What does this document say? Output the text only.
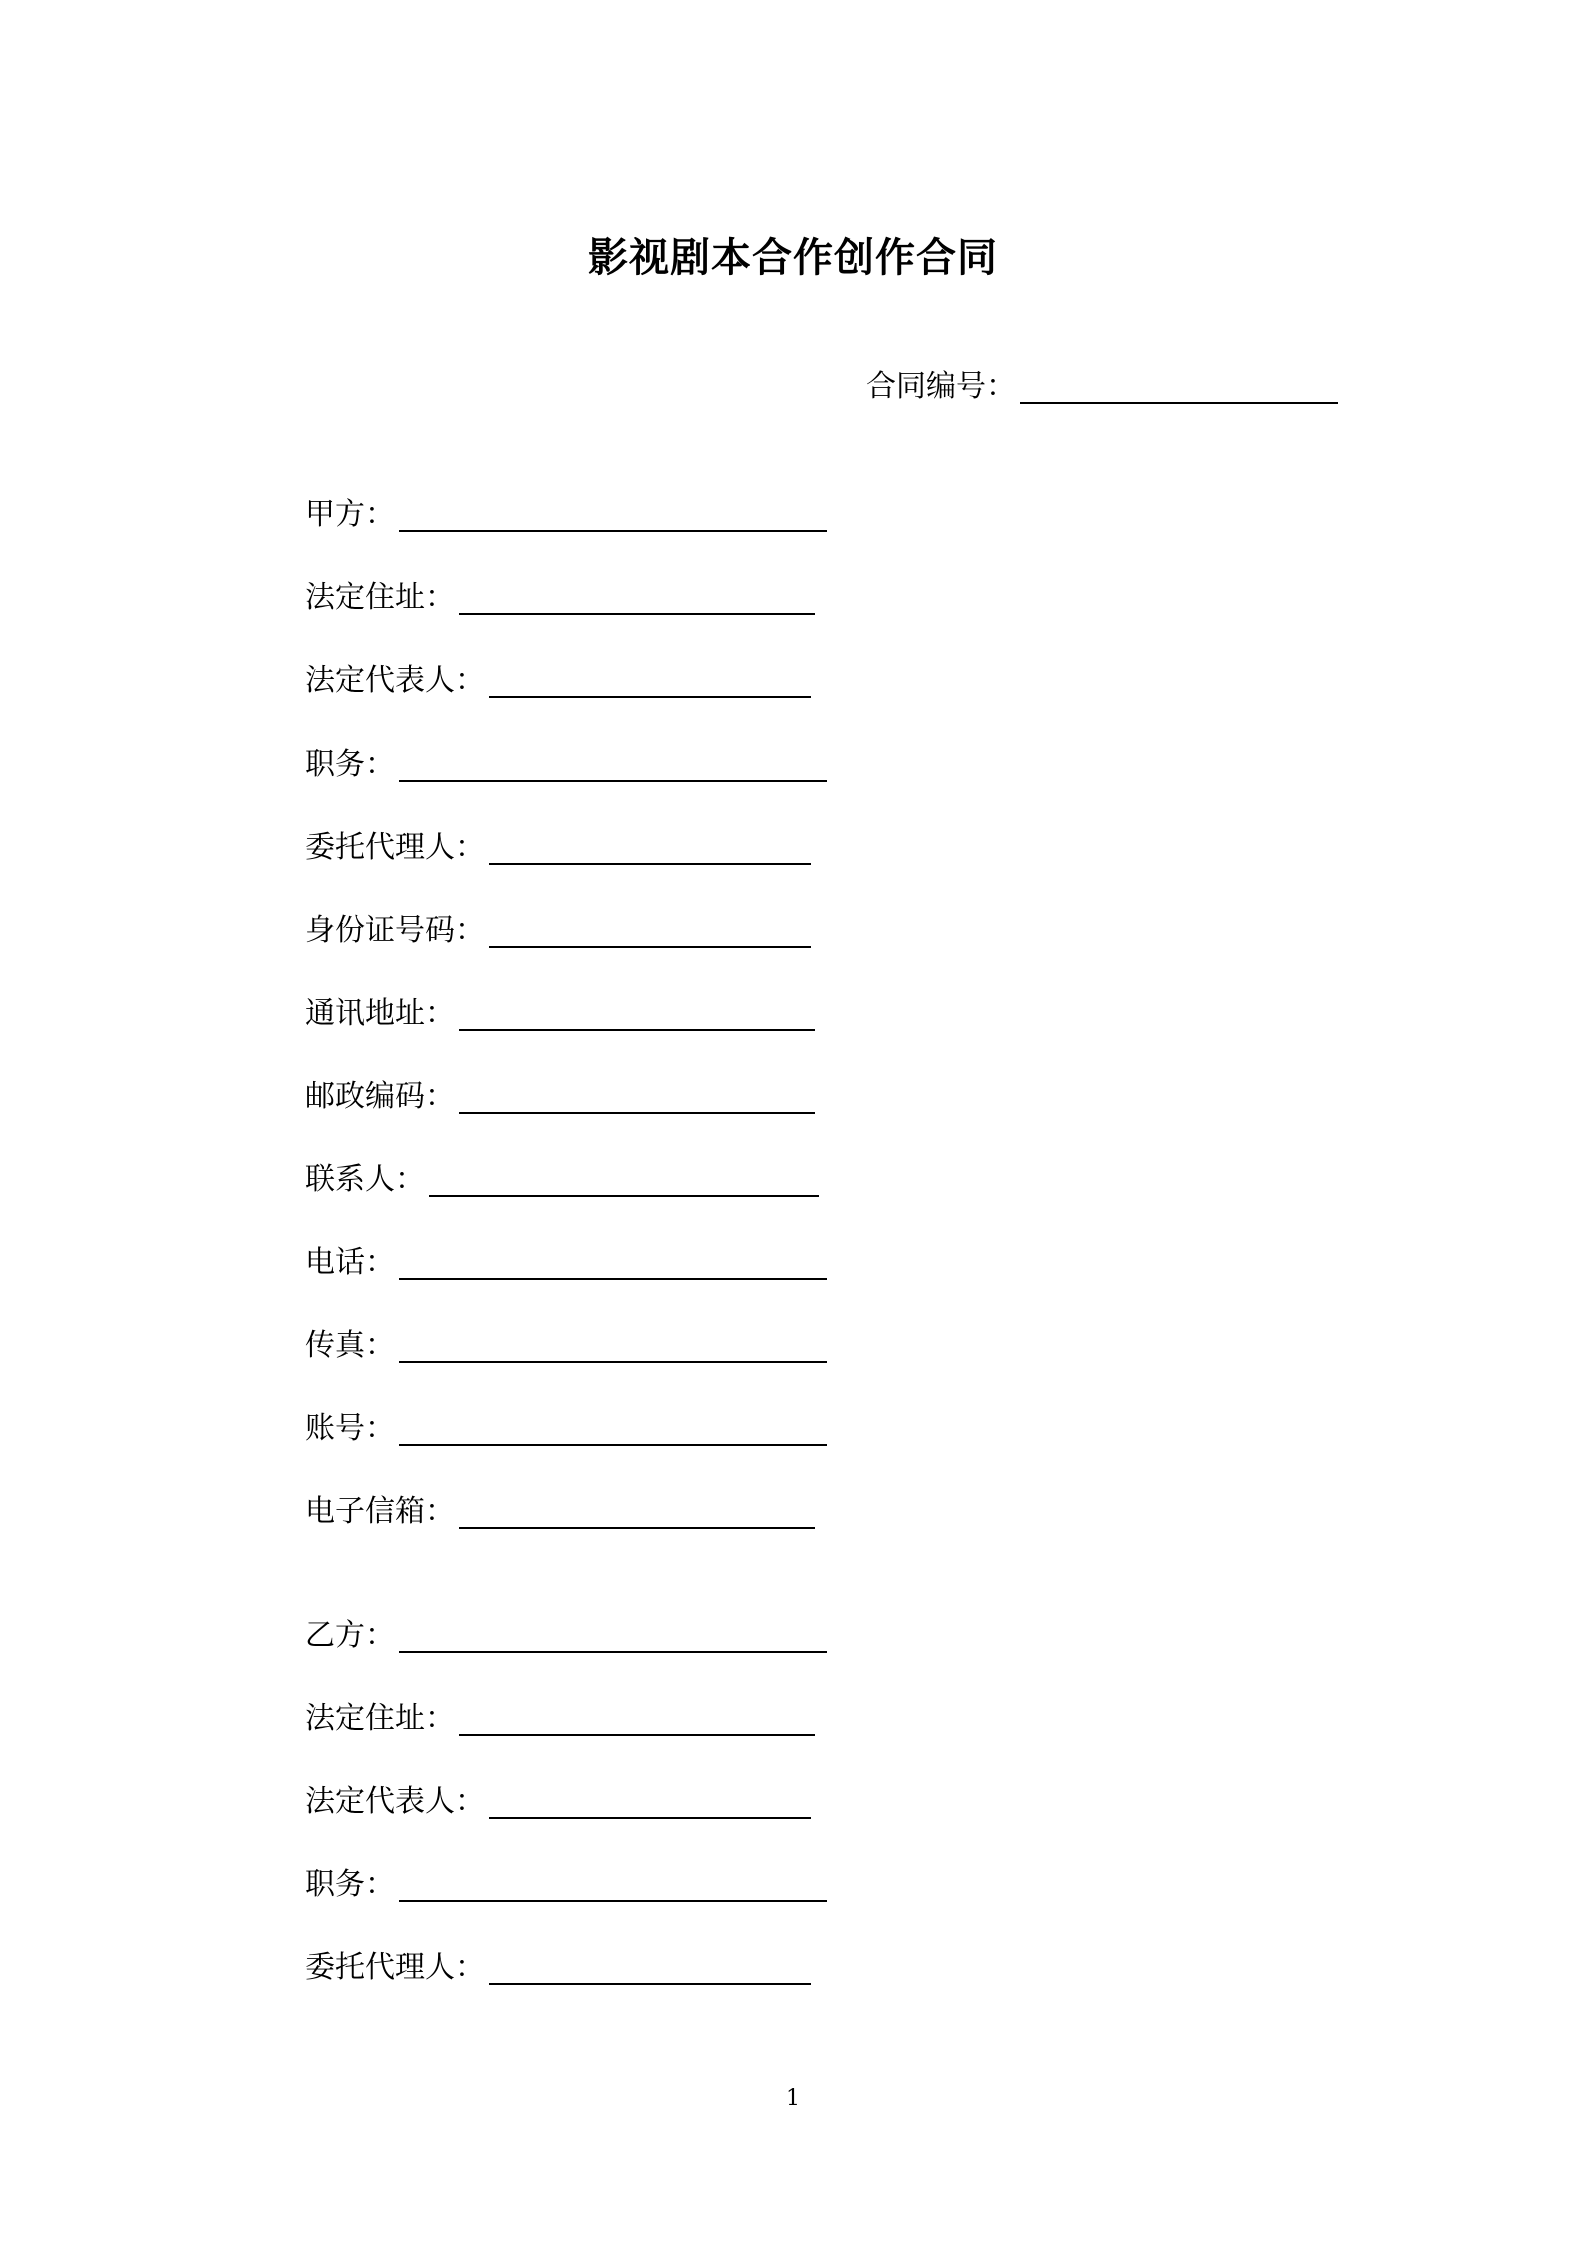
影视剧本合作创作合同
合同编号：
甲方：
法定住址：
法定代表人：
职务：
委托代理人：
身份证号码：
通讯地址：
邮政编码：
联系人：
电话：
传真：
账号：
电子信箱：
乙方：
法定住址：
法定代表人：
职务：
委托代理人：
1
